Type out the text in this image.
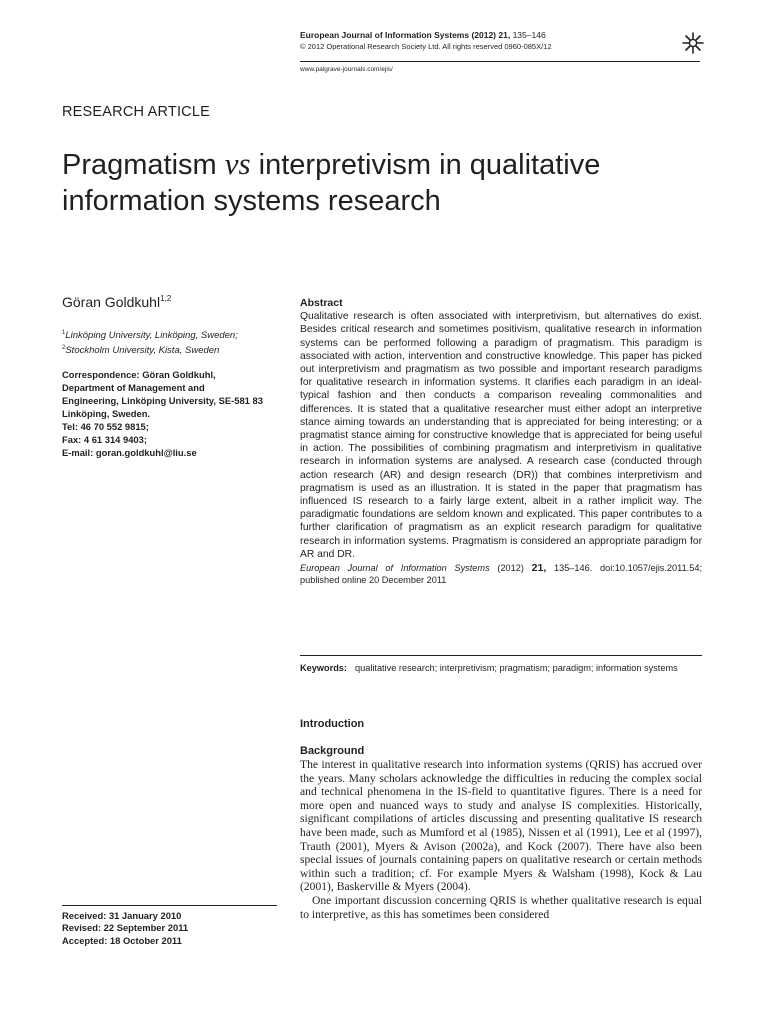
European Journal of Information Systems (2012) 21, 135–146
© 2012 Operational Research Society Ltd. All rights reserved 0960-085X/12
www.palgrave-journals.com/ejis/
RESEARCH ARTICLE
Pragmatism vs interpretivism in qualitative information systems research
Göran Goldkuhl$^{1,2}$
$^1$Linköping University, Linköping, Sweden;
$^2$Stockholm University, Kista, Sweden
Correspondence: Göran Goldkuhl,
Department of Management and
Engineering, Linköping University, SE-581 83
Linköping, Sweden.
Tel: 46 70 552 9815;
Fax: 4 61 314 9403;
E-mail: goran.goldkuhl@liu.se
Abstract
Qualitative research is often associated with interpretivism, but alternatives do exist. Besides critical research and sometimes positivism, qualitative research in information systems can be performed following a paradigm of pragmatism. This paradigm is associated with action, intervention and constructive knowledge. This paper has picked out interpretivism and pragmatism as two possible and important research paradigms for qualitative research in information systems. It clarifies each paradigm in an ideal-typical fashion and then conducts a comparison revealing commonalities and differences. It is stated that a qualitative researcher must either adopt an interpretive stance aiming towards an understanding that is appreciated for being interesting; or a pragmatist stance aiming for constructive knowledge that is appreciated for being useful in action. The possibilities of combining pragmatism and interpretivism in qualitative research in information systems are analysed. A research case (conducted through action research (AR) and design research (DR)) that combines interpretivism and pragmatism is used as an illustration. It is stated in the paper that pragmatism has influenced IS research to a fairly large extent, albeit in a rather implicit way. The paradigmatic foundations are seldom known and explicated. This paper contributes to a further clarification of pragmatism as an explicit research paradigm for qualitative research in information systems. Pragmatism is considered an appropriate paradigm for AR and DR.
European Journal of Information Systems (2012) 21, 135–146. doi:10.1057/ejis.2011.54; published online 20 December 2011
Keywords: qualitative research; interpretivism; pragmatism; paradigm; information systems
Introduction
Background

The interest in qualitative research into information systems (QRIS) has accrued over the years. Many scholars acknowledge the difficulties in reducing the complex social and technical phenomena in the IS-field to quantitative figures. There is a need for more open and nuanced ways to study and analyse IS complexities. Historically, significant compilations of articles discussing and presenting qualitative IS research have been made, such as Mumford et al (1985), Nissen et al (1991), Lee et al (1997), Trauth (2001), Myers & Avison (2002a), and Kock (2007). There have also been special issues of journals containing papers on qualitative research or certain methods within such a tradition; cf. For example Myers & Walsham (1998), Kock & Lau (2001), Baskerville & Myers (2004).

One important discussion concerning QRIS is whether qualitative research is equal to interpretive, as this has sometimes been considered

Received: 31 January 2010
Revised: 22 September 2011
Accepted: 18 October 2011
